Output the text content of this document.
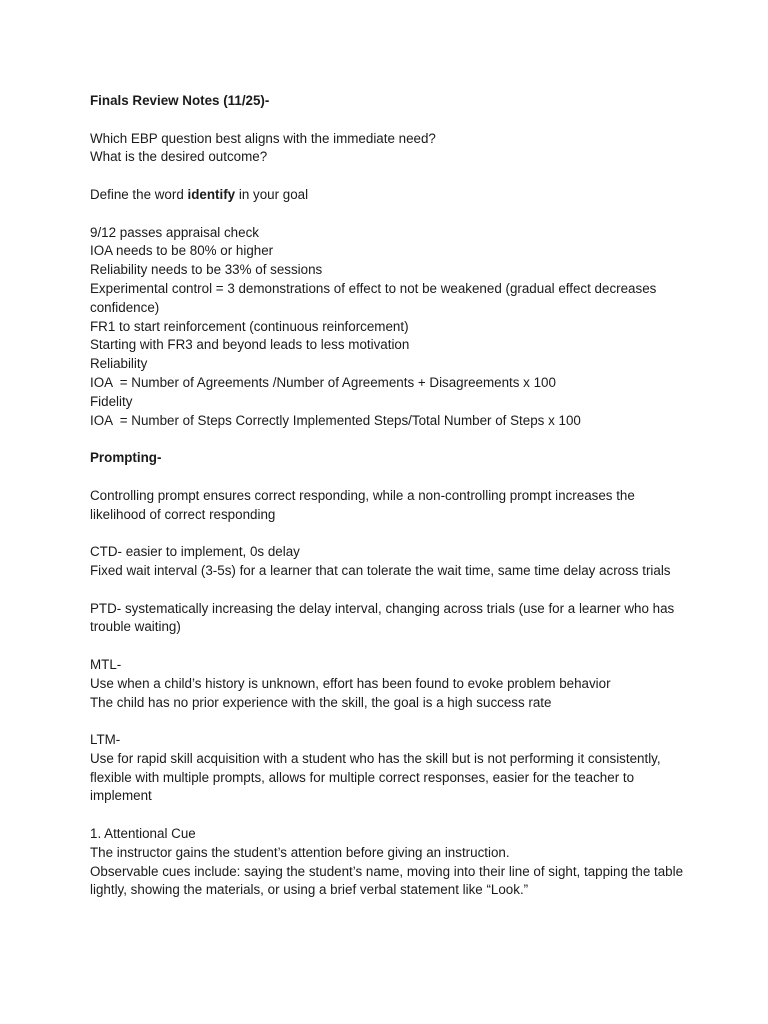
Finals Review Notes (11/25)-

Which EBP question best aligns with the immediate need?

What is the desired outcome?

Define the word identify in your goal

9/12 passes appraisal check

IOA needs to be 80% or higher

Reliability needs to be 33% of sessions

Experimental control = 3 demonstrations of effect to not be weakened (gradual effect decreases confidence)

FR1 to start reinforcement (continuous reinforcement)

Starting with FR3 and beyond leads to less motivation

Reliability

IOA  = Number of Agreements /Number of Agreements + Disagreements x 100

Fidelity

IOA  = Number of Steps Correctly Implemented Steps/Total Number of Steps x 100

Prompting-

Controlling prompt ensures correct responding, while a non-controlling prompt increases the likelihood of correct responding

CTD- easier to implement, 0s delay

Fixed wait interval (3-5s) for a learner that can tolerate the wait time, same time delay across trials

PTD- systematically increasing the delay interval, changing across trials (use for a learner who has trouble waiting)

MTL-

Use when a child’s history is unknown, effort has been found to evoke problem behavior

The child has no prior experience with the skill, the goal is a high success rate

LTM-

Use for rapid skill acquisition with a student who has the skill but is not performing it consistently, flexible with multiple prompts, allows for multiple correct responses, easier for the teacher to implement

1. Attentional Cue

The instructor gains the student’s attention before giving an instruction.

Observable cues include: saying the student’s name, moving into their line of sight, tapping the table lightly, showing the materials, or using a brief verbal statement like “Look.”
